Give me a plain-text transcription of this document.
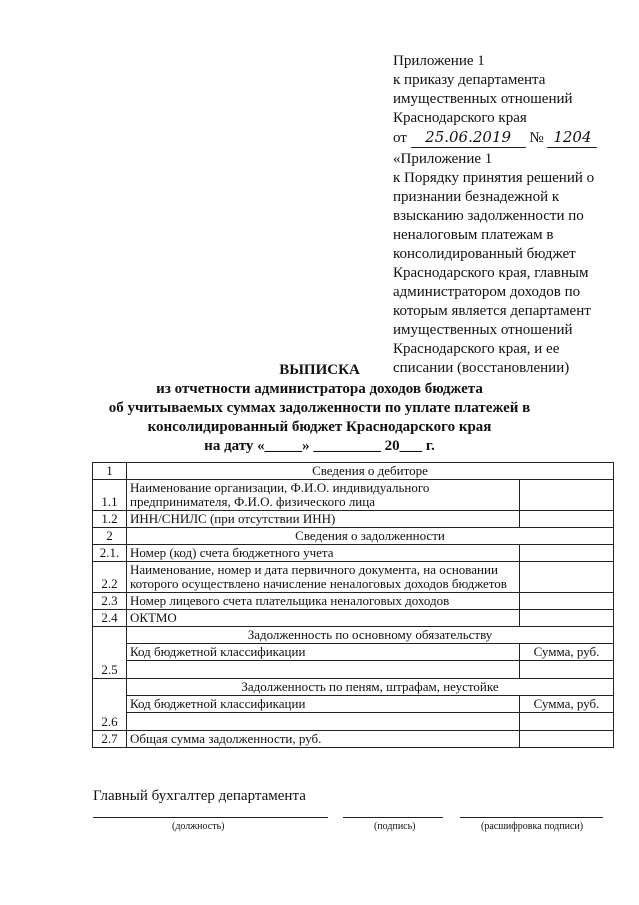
Приложение 1
к приказу департамента
имущественных отношений
Краснодарского края
от 25.06.2019 № 1204
«Приложение 1
к Порядку принятия решений о
признании безнадежной к
взысканию задолженности по
неналоговым платежам в
консолидированный бюджет
Краснодарского края, главным
администратором доходов по
которым является департамент
имущественных отношений
Краснодарского края, и ее
списании (восстановлении)
ВЫПИСКА
из отчетности администратора доходов бюджета
об учитываемых суммах задолженности по уплате платежей в
консолидированный бюджет Краснодарского края
на дату «_____» _________ 20___ г.
1	Сведения о дебиторе	
1.1	Наименование организации, Ф.И.О. индивидуального предпринимателя, Ф.И.О. физического лица	
1.2	ИНН/СНИЛС (при отсутствии ИНН)	
2	Сведения о задолженности	
2.1.	Номер (код) счета бюджетного учета	
2.2	Наименование, номер и дата первичного документа, на основании которого осуществлено начисление неналоговых доходов бюджетов	
2.3	Номер лицевого счета плательщика неналоговых доходов	
2.4	ОКТМО	
2.5	Задолженность по основному обязательству	
	Код бюджетной классификации	Сумма, руб.

2.6	Задолженность по пеням, штрафам, неустойке	
	Код бюджетной классификации	Сумма, руб.

2.7	Общая сумма задолженности, руб.	
Главный бухгалтер департамента
(должность)	(подпись)	(расшифровка подписи)
